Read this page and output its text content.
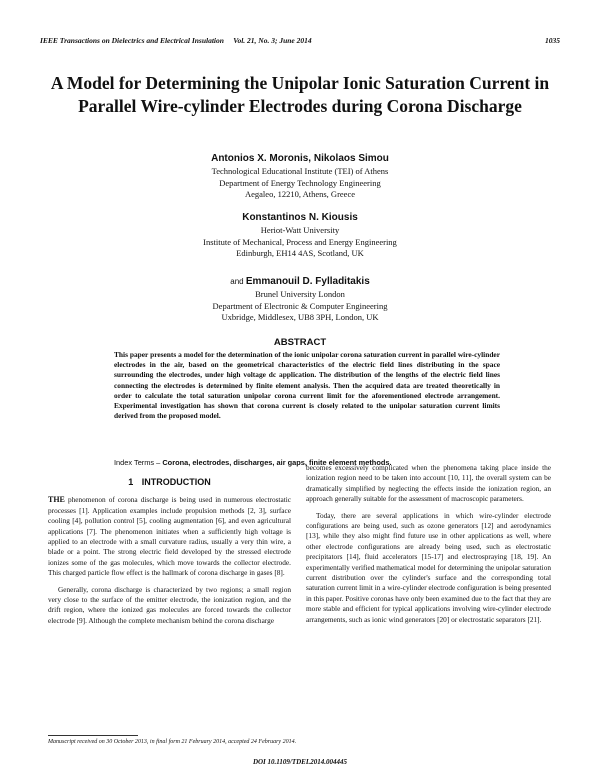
IEEE Transactions on Dielectrics and Electrical Insulation     Vol. 21, No. 3; June 2014	1035
A Model for Determining the Unipolar Ionic Saturation Current in Parallel Wire-cylinder Electrodes during Corona Discharge
Antonios X. Moronis, Nikolaos Simou
Technological Educational Institute (TEI) of Athens
Department of Energy Technology Engineering
Aegaleo, 12210, Athens, Greece
Konstantinos N. Kiousis
Heriot-Watt University
Institute of Mechanical, Process and Energy Engineering
Edinburgh, EH14 4AS, Scotland, UK
and Emmanouil D. Fylladitakis
Brunel University London
Department of Electronic & Computer Engineering
Uxbridge, Middlesex, UB8 3PH, London, UK
ABSTRACT
This paper presents a model for the determination of the ionic unipolar corona saturation current in parallel wire-cylinder electrodes in the air, based on the geometrical characteristics of the electric field lines distributing in the space surrounding the electrodes, under high voltage dc application. The distribution of the lengths of the electric field lines connecting the electrodes is determined by finite element analysis. Then the acquired data are treated theoretically in order to calculate the total saturation unipolar corona current limit for the aforementioned electrode arrangement. Experimental investigation has shown that corona current is closely related to the unipolar saturation current limits derived from the proposed model.
Index Terms – Corona, electrodes, discharges, air gaps, finite element methods.
1 INTRODUCTION

THE phenomenon of corona discharge is being used in numerous electrostatic processes [1]. Application examples include propulsion methods [2, 3], surface cooling [4], pollution control [5], cooling augmentation [6], and even agricultural applications [7]. The phenomenon initiates when a sufficiently high voltage is applied to an electrode with a small curvature radius, usually a very thin wire, a blade or a point. The strong electric field developed by the stressed electrode ionizes some of the gas molecules, which move towards the collector electrode. This charged particle flow effect is the hallmark of corona discharge in gases [8].

Generally, corona discharge is characterized by two regions; a small region very close to the surface of the emitter electrode, the ionization region, and the drift region, where the ionized gas molecules are forced towards the collector electrode [9]. Although the complete mechanism behind the corona discharge

becomes excessively complicated when the phenomena taking place inside the ionization region need to be taken into account [10, 11], the overall system can be dramatically simplified by neglecting the effects inside the ionization region, an approach generally suitable for the assessment of macroscopic parameters.

Today, there are several applications in which wire-cylinder electrode configurations are being used, such as ozone generators [12] and aerodynamics [13], while they also might find future use in other applications as well, where other electrode configurations are already being used, such as electrostatic precipitators [14], fluid accelerators [15-17] and electrospraying [18, 19]. An experimentally verified mathematical model for determining the unipolar saturation current distribution over the cylinder's surface and the corresponding total saturation current limit in a wire-cylinder electrode configuration is being presented in this paper. Positive coronas have only been examined due to the fact that they are more stable and efficient for typical applications involving wire-cylinder electrode arrangements, such as ionic wind generators [20] or electrostatic separators [21].

Manuscript received on 30 October 2013, in final form 21 February 2014, accepted 24 February 2014.
DOI 10.1109/TDEI.2014.004445
